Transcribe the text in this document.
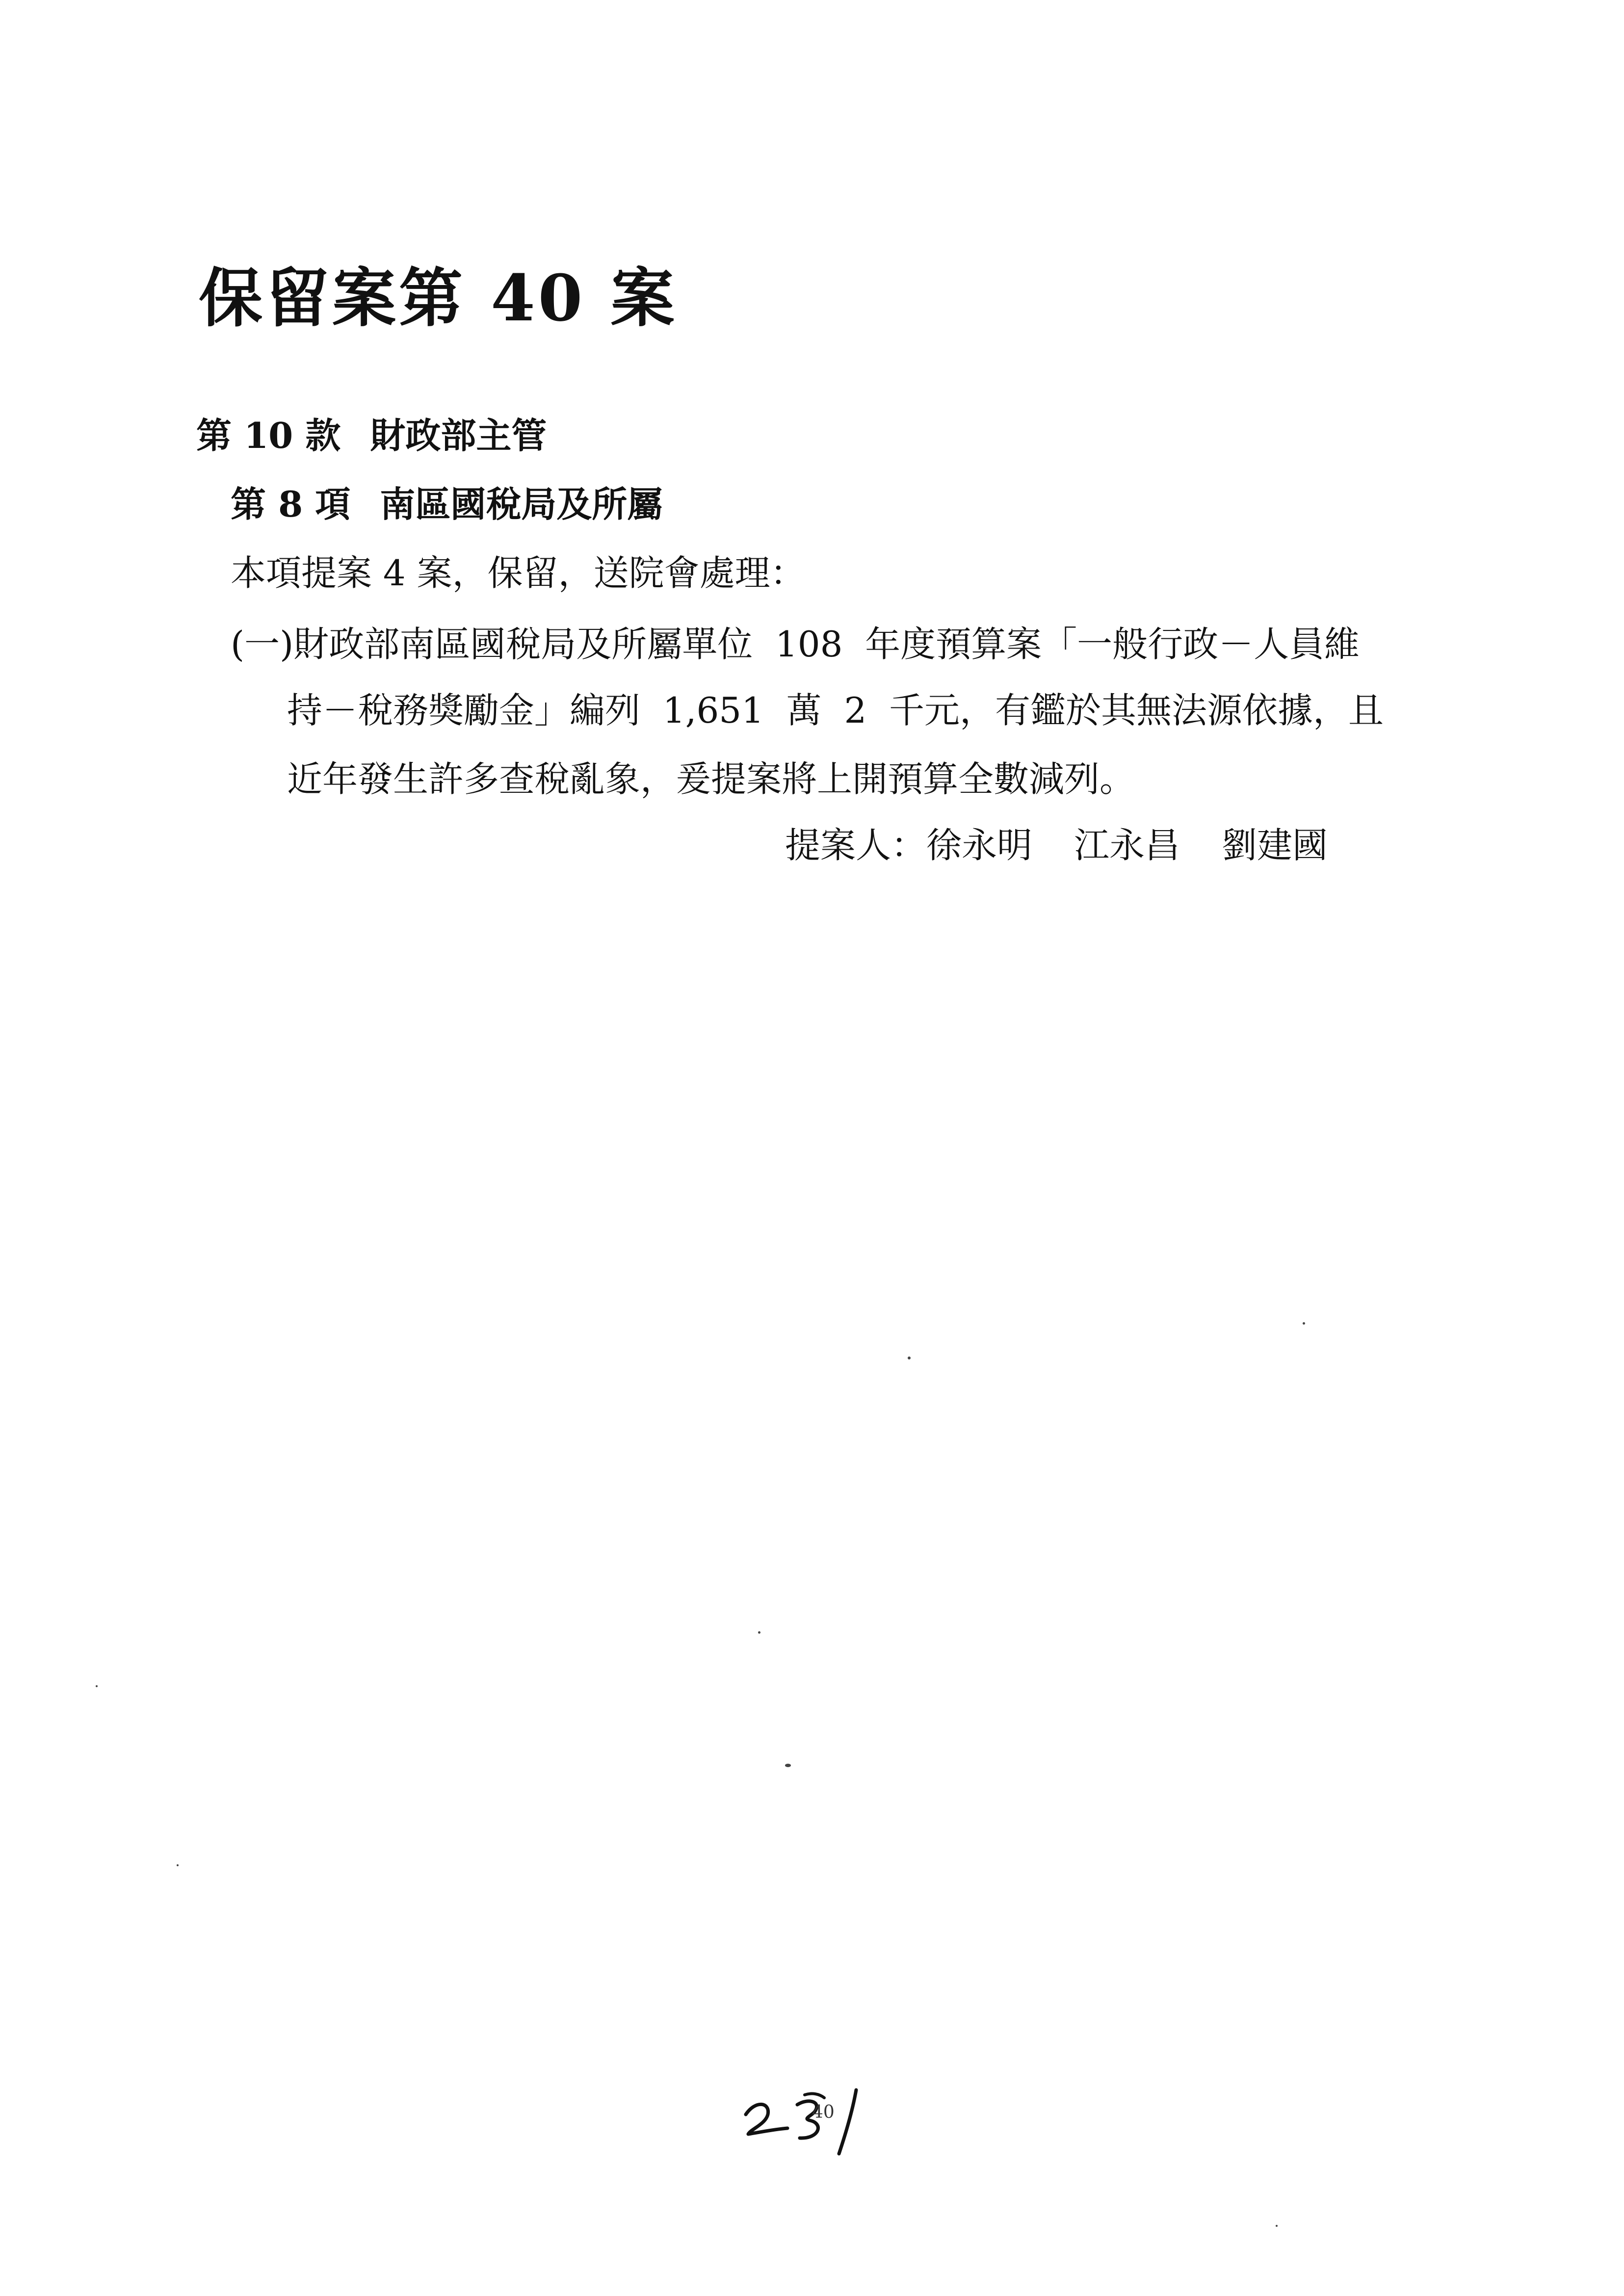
保留案第 40 案
第 10 款 財政部主管
第 8 項 南區國稅局及所屬
本項提案 4 案，保留，送院會處理：
(一)財政部南區國稅局及所屬單位  108  年度預算案「一般行政－人員維
持－稅務獎勵金」編列  1,651  萬  2  千元，有鑑於其無法源依據，且
近年發生許多查稅亂象，爰提案將上開預算全數減列。
提案人：徐永明 江永昌 劉建國
40
